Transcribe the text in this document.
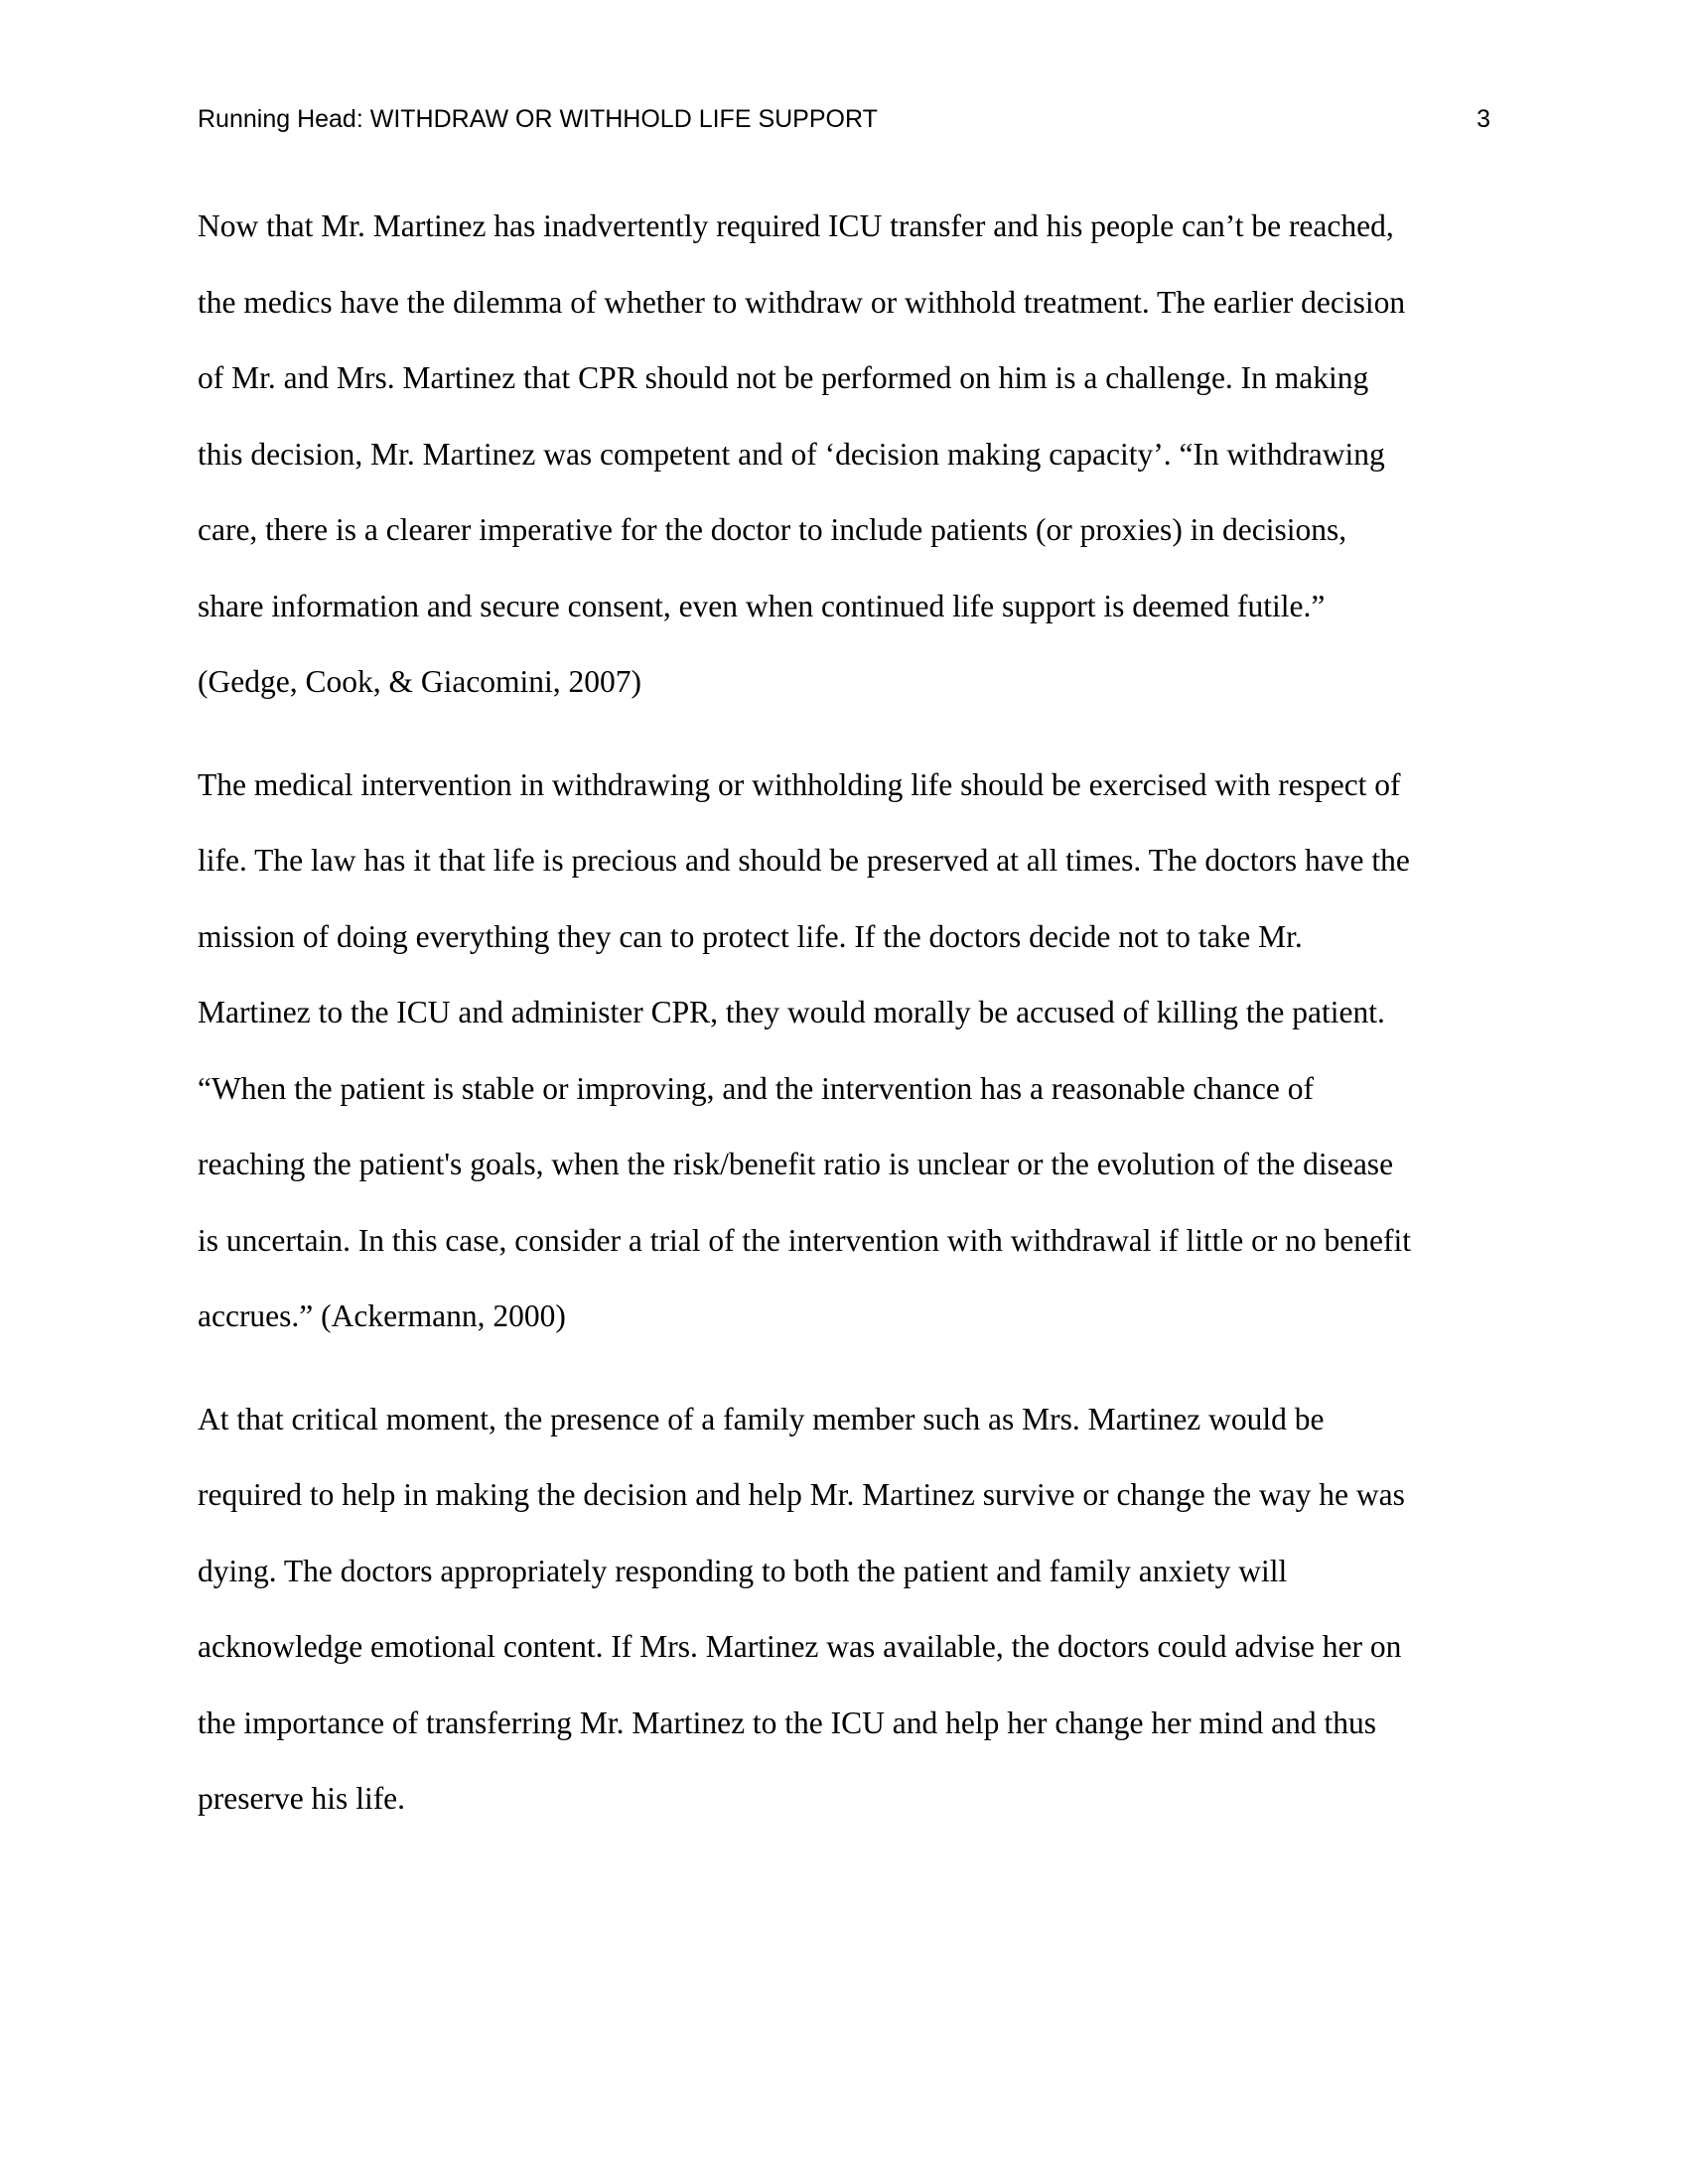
Running Head: WITHDRAW OR WITHHOLD LIFE SUPPORT	3

Now that Mr. Martinez has inadvertently required ICU transfer and his people can’t be reached,
the medics have the dilemma of whether to withdraw or withhold treatment. The earlier decision
of Mr. and Mrs. Martinez that CPR should not be performed on him is a challenge. In making
this decision, Mr. Martinez was competent and of ‘decision making capacity’. “In withdrawing
care, there is a clearer imperative for the doctor to include patients (or proxies) in decisions,
share information and secure consent, even when continued life support is deemed futile.”
(Gedge, Cook, & Giacomini, 2007)

The medical intervention in withdrawing or withholding life should be exercised with respect of
life. The law has it that life is precious and should be preserved at all times. The doctors have the
mission of doing everything they can to protect life. If the doctors decide not to take Mr.
Martinez to the ICU and administer CPR, they would morally be accused of killing the patient.
“When the patient is stable or improving, and the intervention has a reasonable chance of
reaching the patient's goals, when the risk/benefit ratio is unclear or the evolution of the disease
is uncertain. In this case, consider a trial of the intervention with withdrawal if little or no benefit
accrues.” (Ackermann, 2000)

At that critical moment, the presence of a family member such as Mrs. Martinez would be
required to help in making the decision and help Mr. Martinez survive or change the way he was
dying. The doctors appropriately responding to both the patient and family anxiety will
acknowledge emotional content. If Mrs. Martinez was available, the doctors could advise her on
the importance of transferring Mr. Martinez to the ICU and help her change her mind and thus
preserve his life.
